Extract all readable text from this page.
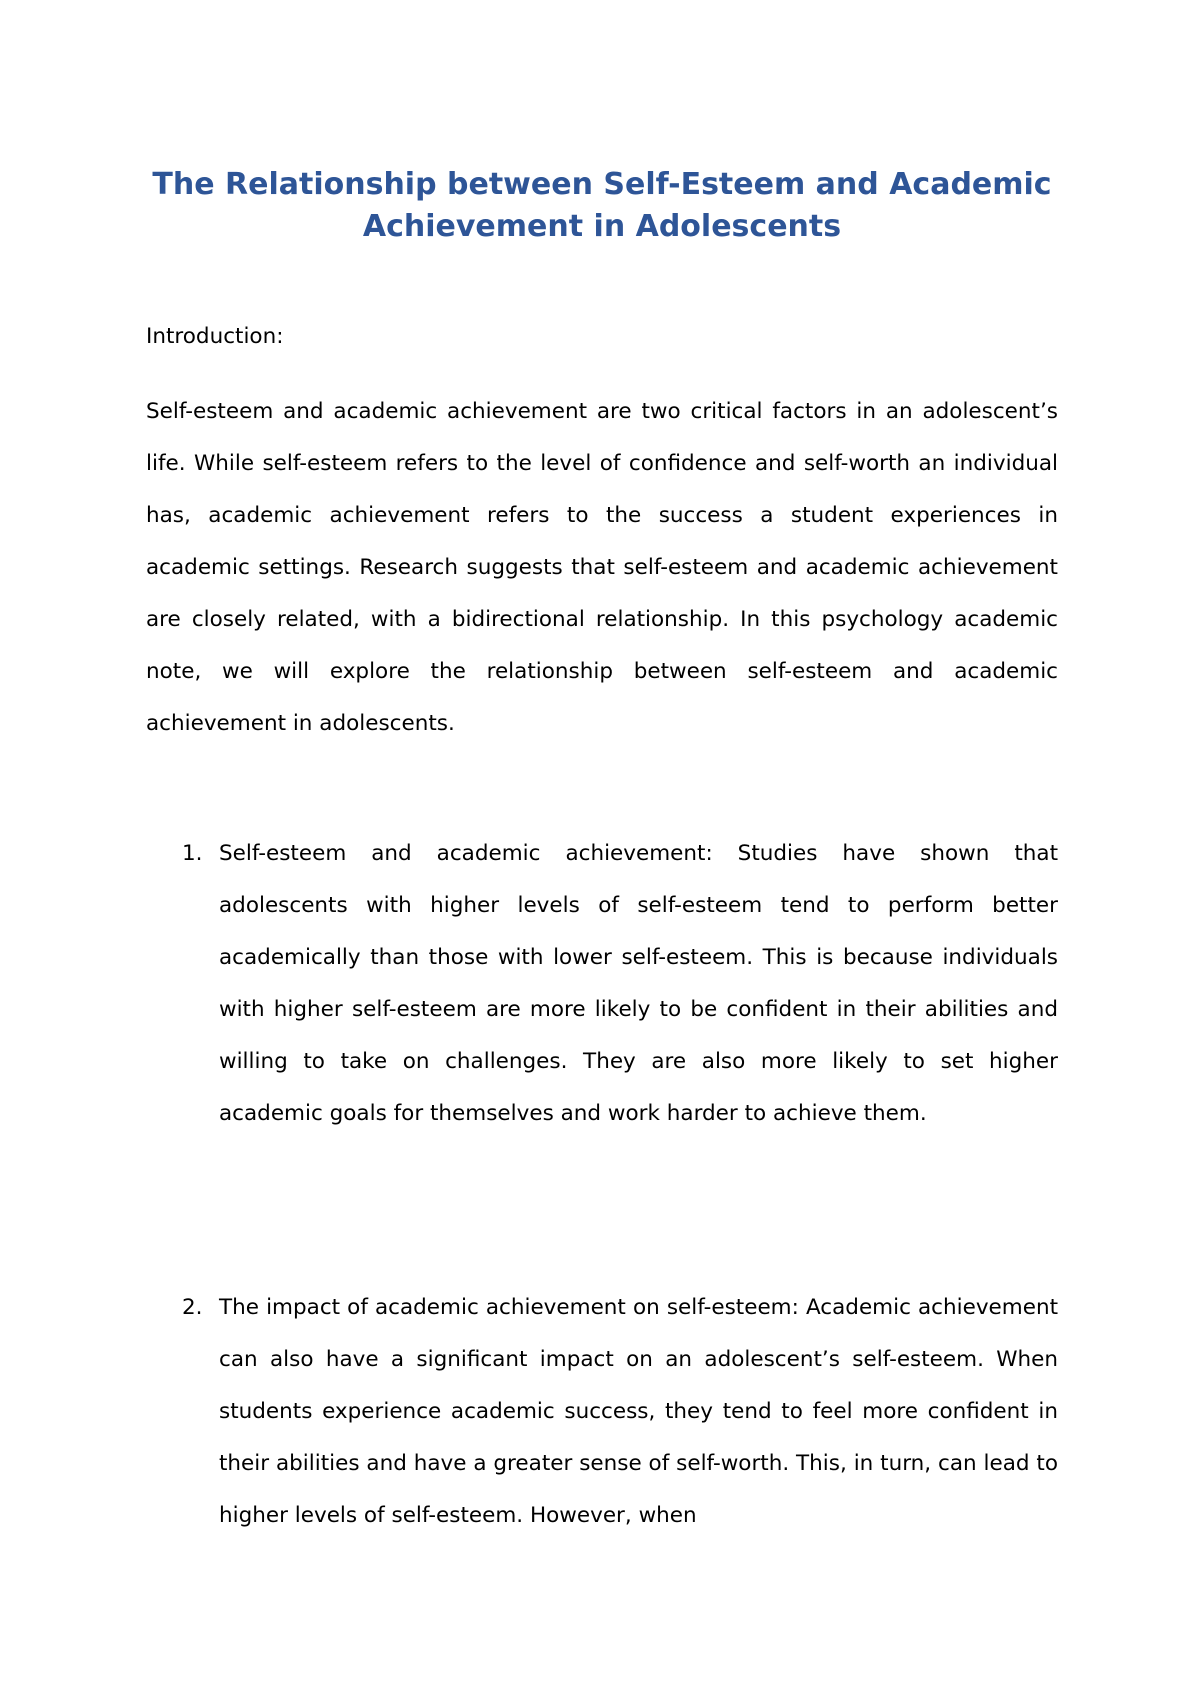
The Relationship between Self-Esteem and Academic Achievement in Adolescents

Introduction:

Self-esteem and academic achievement are two critical factors in an adolescent’s life. While self-esteem refers to the level of confidence and self-worth an individual has, academic achievement refers to the success a student experiences in academic settings. Research suggests that self-esteem and academic achievement are closely related, with a bidirectional relationship. In this psychology academic note, we will explore the relationship between self-esteem and academic achievement in adolescents.

1. Self-esteem and academic achievement: Studies have shown that adolescents with higher levels of self-esteem tend to perform better academically than those with lower self-esteem. This is because individuals with higher self-esteem are more likely to be confident in their abilities and willing to take on challenges. They are also more likely to set higher academic goals for themselves and work harder to achieve them.

2. The impact of academic achievement on self-esteem: Academic achievement can also have a significant impact on an adolescent’s self-esteem. When students experience academic success, they tend to feel more confident in their abilities and have a greater sense of self-worth. This, in turn, can lead to higher levels of self-esteem. However, when
